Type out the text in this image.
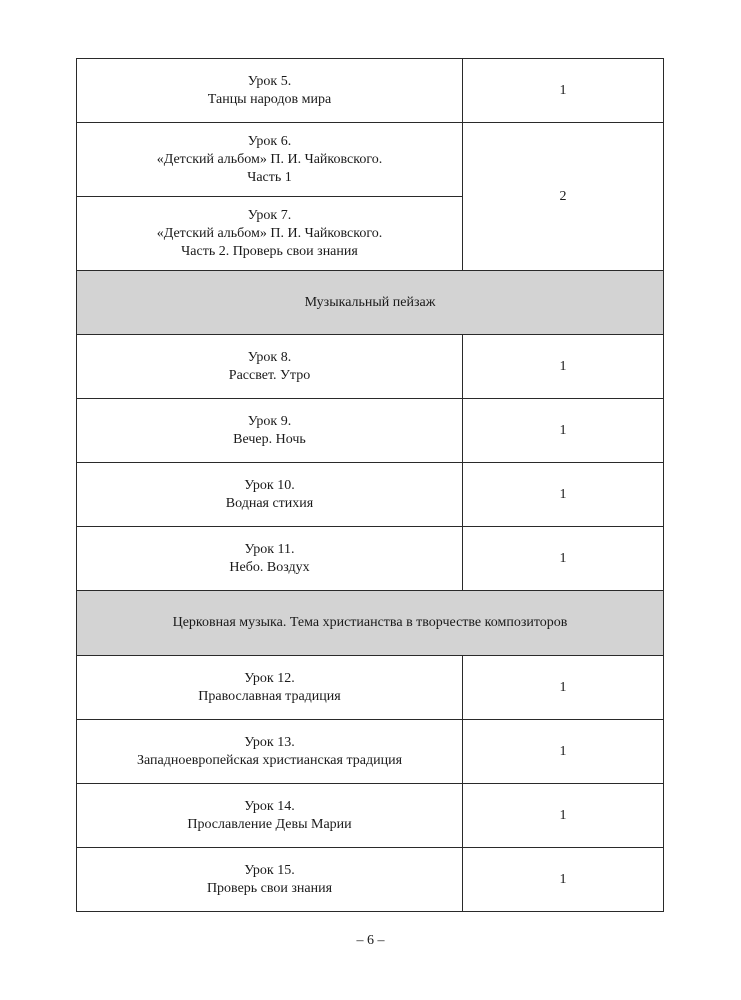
Урок 5.
Танцы народов мира	1

Урок 6.
«Детский альбом» П. И. Чайковского.
Часть 1	2

Урок 7.
«Детский альбом» П. И. Чайковского.
Часть 2. Проверь свои знания	

Музыкальный пейзаж	

Урок 8.
Рассвет. Утро	1

Урок 9.
Вечер. Ночь	1

Урок 10.
Водная стихия	1

Урок 11.
Небо. Воздух	1
Церковная музыка. Тема христианства в творчестве композиторов	

Урок 12.
Православная традиция	1

Урок 13.
Западноевропейская христианская традиция	1

Урок 14.
Прославление Девы Марии	1

Урок 15.
Проверь свои знания	1
– 6 –
